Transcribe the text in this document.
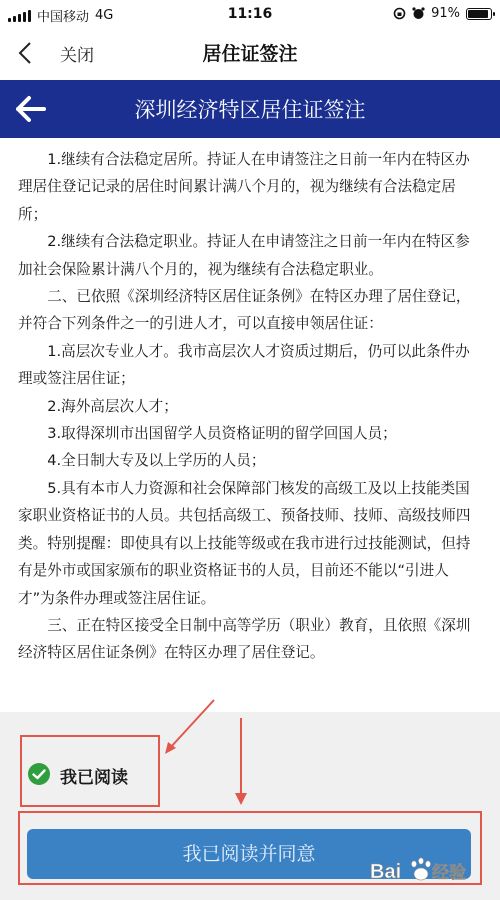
中国移动 4G	11:16	91%
关闭	居住证签注
深圳经济特区居住证签注

1.继续有合法稳定居所。持证人在申请签注之日前一年内在特区办理居住登记记录的居住时间累计满八个月的，视为继续有合法稳定居所；

2.继续有合法稳定职业。持证人在申请签注之日前一年内在特区参加社会保险累计满八个月的，视为继续有合法稳定职业。

二、已依照《深圳经济特区居住证条例》在特区办理了居住登记，并符合下列条件之一的引进人才，可以直接申领居住证：

1.高层次专业人才。我市高层次人才资质过期后，仍可以此条件办理或签注居住证；

2.海外高层次人才；

3.取得深圳市出国留学人员资格证明的留学回国人员；

4.全日制大专及以上学历的人员；

5.具有本市人力资源和社会保障部门核发的高级工及以上技能类国家职业资格证书的人员。共包括高级工、预备技师、技师、高级技师四类。特别提醒：即使具有以上技能等级或在我市进行过技能测试，但持有是外市或国家颁布的职业资格证书的人员，目前还不能以“引进人才”为条件办理或签注居住证。

三、正在特区接受全日制中高等学历（职业）教育，且依照《深圳经济特区居住证条例》在特区办理了居住登记。

我已阅读
我已阅读并同意
Bai 经验
